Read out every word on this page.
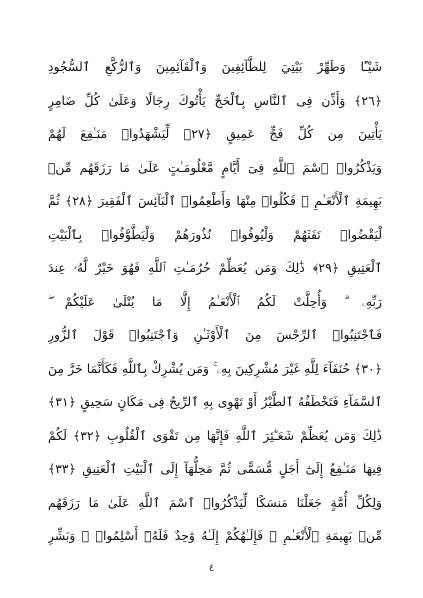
شَيْـًٔا وَطَهِّرْ بَيْتِيَ لِلطَّآئِفِينَ وَٱلْقَآئِمِينَ وَٱلرُّكَّعِ ٱلسُّجُودِ
﴿٢٦﴾ وَأَذِّن فِى ٱلنَّاسِ بِٱلْحَجِّ يَأْتُوكَ رِجَالًا وَعَلَىٰ كُلِّ ضَامِرٍ
يَأْتِينَ مِن كُلِّ فَجٍّ عَمِيقٍ ﴿٢٧﴾ لِّيَشْهَدُوا۟ مَنَـٰفِعَ لَهُمْ
وَيَذْكُرُوا۟ ٱسْمَ ٱللَّهِ فِىٓ أَيَّامٍ مَّعْلُومَـٰتٍ عَلَىٰ مَا رَزَقَهُم مِّنۢ
بَهِيمَةِ ٱلْأَنْعَـٰمِ ۖ فَكُلُوا۟ مِنْهَا وَأَطْعِمُوا۟ ٱلْبَآئِسَ ٱلْفَقِيرَ ﴿٢٨﴾ ثُمَّ
لْيَقْضُوا۟ تَفَثَهُمْ وَلْيُوفُوا۟ نُذُورَهُمْ وَلْيَطَّوَّفُوا۟ بِٱلْبَيْتِ
ٱلْعَتِيقِ ﴿٢٩﴾ ذَٰلِكَ وَمَن يُعَظِّمْ حُرُمَـٰتِ ٱللَّهِ فَهُوَ خَيْرٌ لَّهُۥ عِندَ
رَبِّهِۦ ۗ وَأُحِلَّتْ لَكُمُ ٱلْأَنْعَـٰمُ إِلَّا مَا يُتْلَىٰ عَلَيْكُمْ ۖ
فَٱجْتَنِبُوا۟ ٱلرِّجْسَ مِنَ ٱلْأَوْثَـٰنِ وَٱجْتَنِبُوا۟ قَوْلَ ٱلزُّورِ
﴿٣٠﴾ حُنَفَآءَ لِلَّهِ غَيْرَ مُشْرِكِينَ بِهِۦ ۚ وَمَن يُشْرِكْ بِٱللَّهِ فَكَأَنَّمَا خَرَّ مِنَ
ٱلسَّمَآءِ فَتَخْطَفُهُ ٱلطَّيْرُ أَوْ تَهْوِى بِهِ ٱلرِّيحُ فِى مَكَانٍ سَحِيقٍ ﴿٣١﴾
ذَٰلِكَ وَمَن يُعَظِّمْ شَعَـٰٓئِرَ ٱللَّهِ فَإِنَّهَا مِن تَقْوَى ٱلْقُلُوبِ ﴿٣٢﴾ لَكُمْ
فِيهَا مَنَـٰفِعُ إِلَىٰٓ أَجَلٍ مُّسَمًّى ثُمَّ مَحِلُّهَآ إِلَى ٱلْبَيْتِ ٱلْعَتِيقِ ﴿٣٣﴾
وَلِكُلِّ أُمَّةٍ جَعَلْنَا مَنسَكًا لِّيَذْكُرُوا۟ ٱسْمَ ٱللَّهِ عَلَىٰ مَا رَزَقَهُم
مِّنۢ بَهِيمَةِ ٱلْأَنْعَـٰمِ ۗ فَإِلَـٰهُكُمْ إِلَـٰهٌ وَٰحِدٌ فَلَهُۥٓ أَسْلِمُوا۟ ۗ وَبَشِّرِ
٤
